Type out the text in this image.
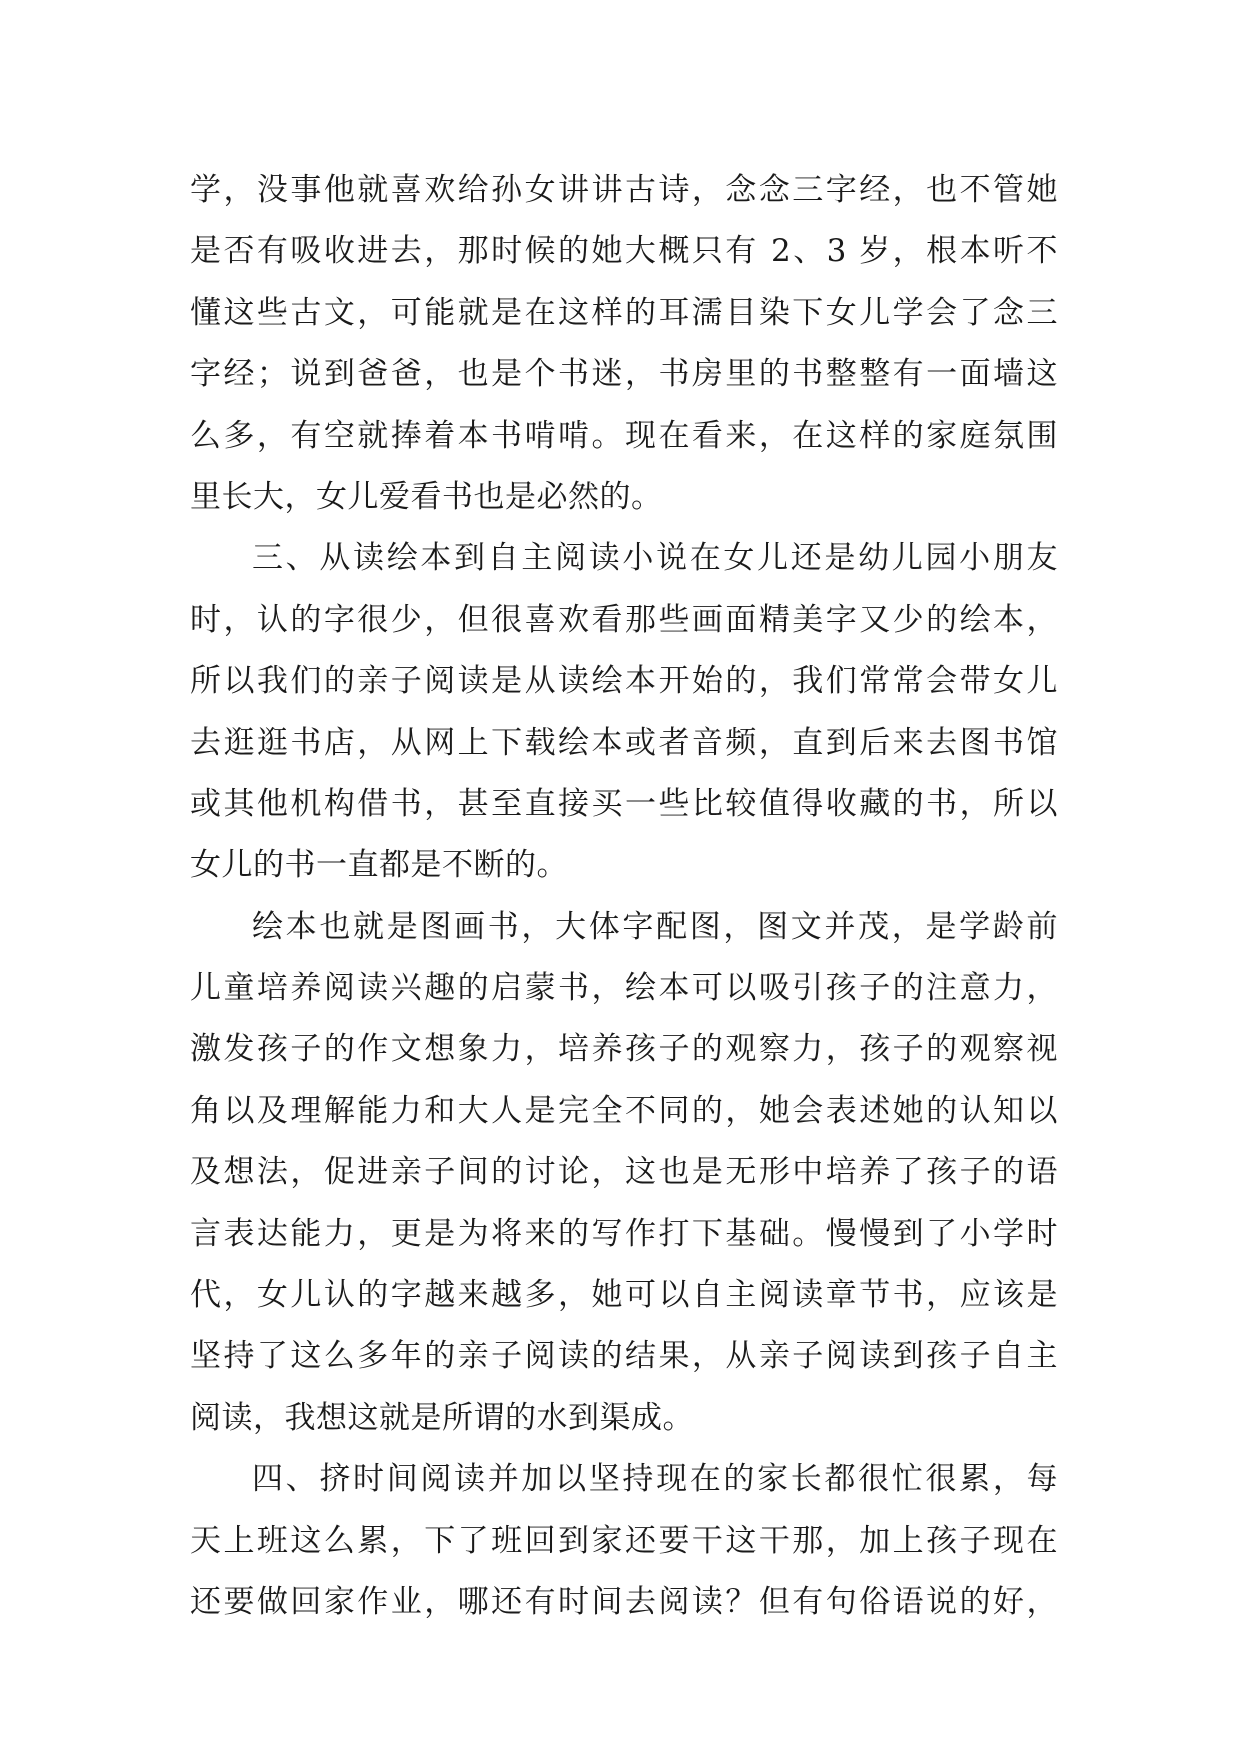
学，没事他就喜欢给孙女讲讲古诗，念念三字经，也不管她
是否有吸收进去，那时候的她大概只有 2、3 岁，根本听不
懂这些古文，可能就是在这样的耳濡目染下女儿学会了念三
字经；说到爸爸，也是个书迷，书房里的书整整有一面墙这
么多，有空就捧着本书啃啃。现在看来，在这样的家庭氛围
里长大，女儿爱看书也是必然的。
三、从读绘本到自主阅读小说在女儿还是幼儿园小朋友
时，认的字很少，但很喜欢看那些画面精美字又少的绘本，
所以我们的亲子阅读是从读绘本开始的，我们常常会带女儿
去逛逛书店，从网上下载绘本或者音频，直到后来去图书馆
或其他机构借书，甚至直接买一些比较值得收藏的书，所以
女儿的书一直都是不断的。
绘本也就是图画书，大体字配图，图文并茂，是学龄前
儿童培养阅读兴趣的启蒙书，绘本可以吸引孩子的注意力，
激发孩子的作文想象力，培养孩子的观察力，孩子的观察视
角以及理解能力和大人是完全不同的，她会表述她的认知以
及想法，促进亲子间的讨论，这也是无形中培养了孩子的语
言表达能力，更是为将来的写作打下基础。慢慢到了小学时
代，女儿认的字越来越多，她可以自主阅读章节书，应该是
坚持了这么多年的亲子阅读的结果，从亲子阅读到孩子自主
阅读，我想这就是所谓的水到渠成。
四、挤时间阅读并加以坚持现在的家长都很忙很累，每
天上班这么累，下了班回到家还要干这干那，加上孩子现在
还要做回家作业，哪还有时间去阅读？但有句俗语说的好，
